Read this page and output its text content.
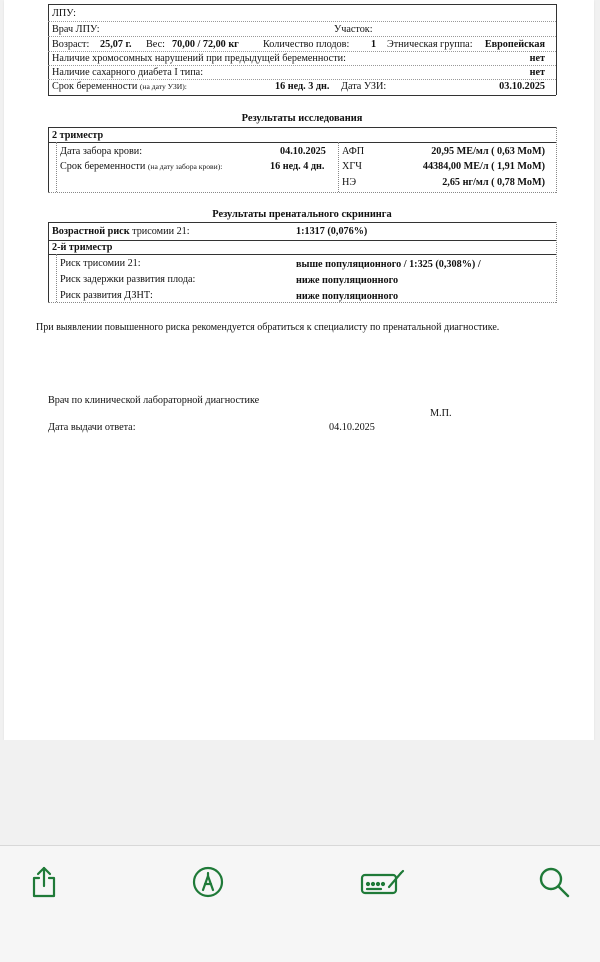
ЛПУ:
Врач ЛПУ:	Участок:
Возраст: 25,07 г. Вес: 70,00 / 72,00 кг Количество плодов: 1 Этническая группа: Европейская
Наличие хромосомных нарушений при предыдущей беременности:	нет
Наличие сахарного диабета I типа:	нет
Срок беременности (на дату УЗИ):	16 нед. 3 дн. Дата УЗИ:	03.10.2025
Результаты исследования
2 триместр
Дата забора крови:	04.10.2025
Срок беременности (на дату забора крови):	16 нед. 4 дн.
АФП	20,95 МЕ/мл ( 0,63 МоМ)
ХГЧ	44384,00 МЕ/л ( 1,91 МоМ)
НЭ	2,65 нг/мл ( 0,78 МоМ)
Результаты пренатального скрининга
Возрастной риск трисомии 21:	1:1317 (0,076%)
2-й триместр
Риск трисомии 21:	выше популяционного / 1:325 (0,308%) /
Риск задержки развития плода:	ниже популяционного
Риск развития ДЗНТ:	ниже популяционного
При выявлении повышенного риска рекомендуется обратиться к специалисту по пренатальной диагностике.
Врач по клинической лабораторной диагностике
М.П.
Дата выдачи ответа:	04.10.2025
